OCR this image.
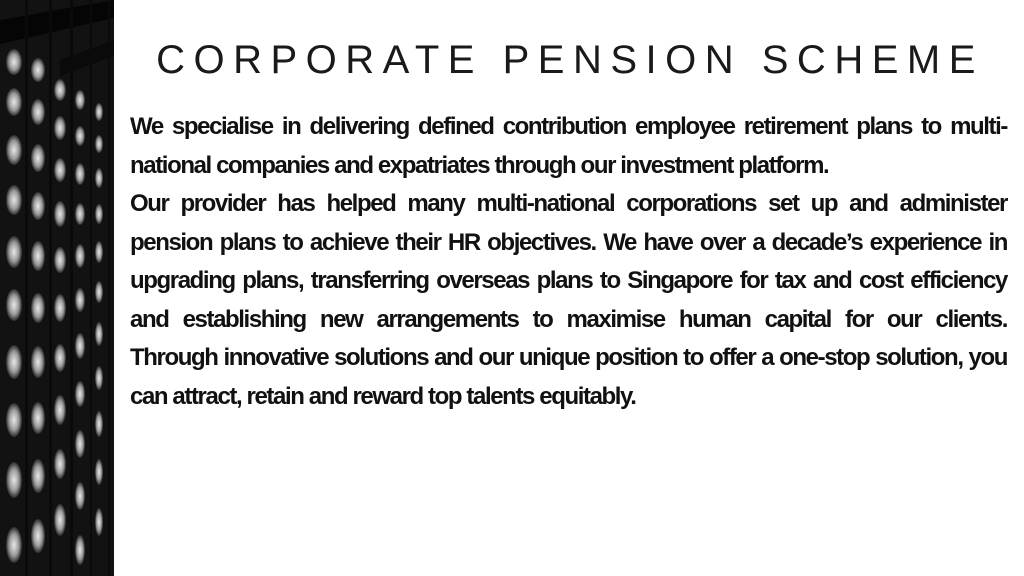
CORPORATE PENSION SCHEME

We specialise in delivering defined contribution employee retirement plans to multi-national companies and expatriates through our investment platform.

Our provider has helped many multi-national corporations set up and administer pension plans to achieve their HR objectives. We have over a decade’s experience in upgrading plans, transferring overseas plans to Singapore for tax and cost efficiency and establishing new arrangements to maximise human capital for our clients. Through innovative solutions and our unique position to offer a one-stop solution, you can attract, retain and reward top talents equitably.
